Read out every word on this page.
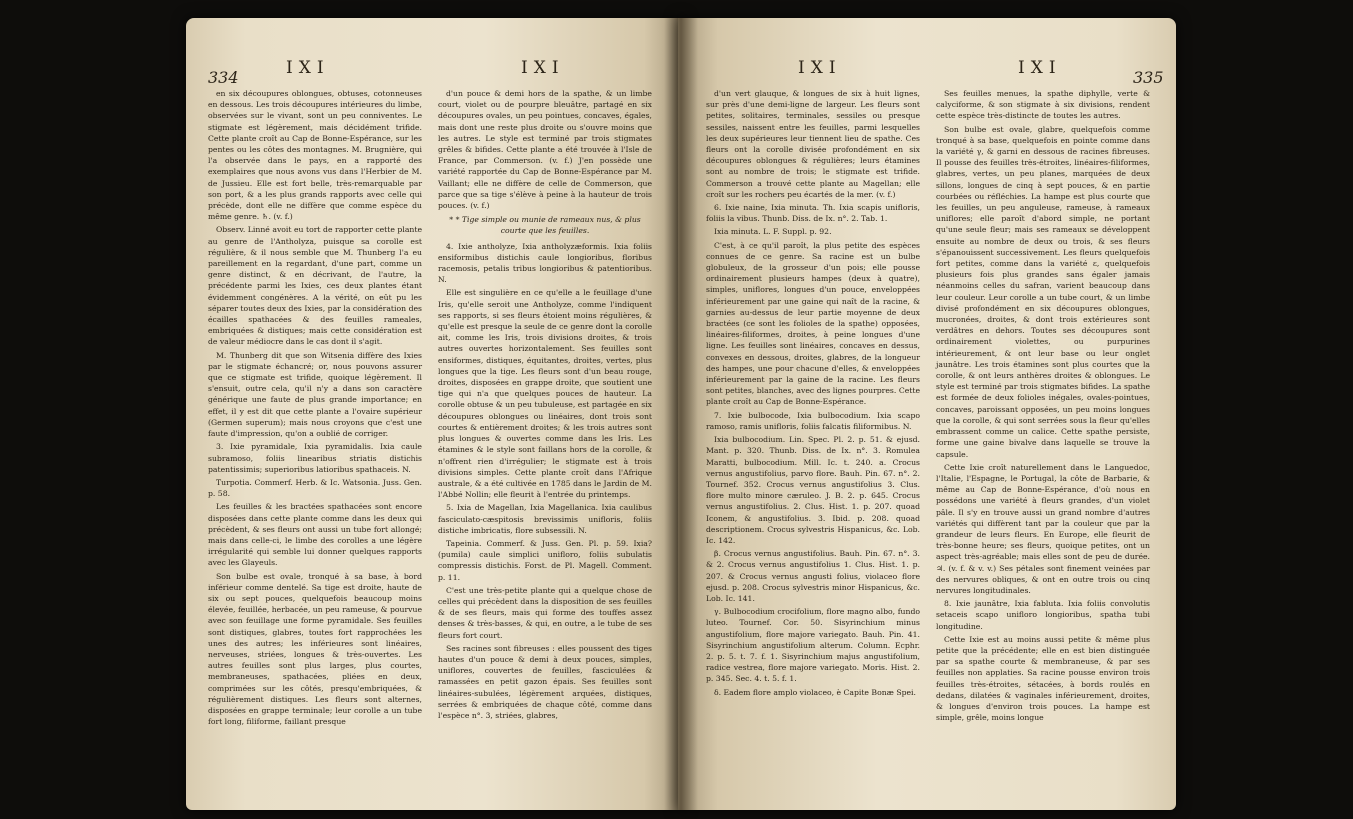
334	IXI	IXI

en six découpures oblongues, obtuses, cotonneuses en dessous. Les trois découpures intérieures du limbe, observées sur le vivant, sont un peu conniventes. Le stigmate est légèrement, mais décidément trifide. Cette plante croît au Cap de Bonne-Espérance, sur les pentes ou les côtes des montagnes. M. Brugnière, qui l'a observée dans le pays, en a rapporté des exemplaires que nous avons vus dans l'Herbier de M. de Jussieu. Elle est fort belle, très-remarquable par son port, & a les plus grands rapports avec celle qui précède, dont elle ne diffère que comme espèce du même genre. ♄. (v. f.)

Observ. Linné avoit eu tort de rapporter cette plante au genre de l'Antholyza, puisque sa corolle est régulière, & il nous semble que M. Thunberg l'a eu pareillement en la regardant, d'une part, comme un genre distinct, & en décrivant, de l'autre, la précédente parmi les Ixies, ces deux plantes étant évidemment congénères. A la vérité, on eût pu les séparer toutes deux des Ixies, par la considération des écailles spathacées & des feuilles rameales, embriquées & distiques; mais cette considération est de valeur médiocre dans le cas dont il s'agit.

M. Thunberg dit que son Witsenia diffère des Ixies par le stigmate échancré; or, nous pouvons assurer que ce stigmate est trifide, quoique légèrement. Il s'ensuit, outre cela, qu'il n'y a dans son caractère générique une faute de plus grande importance; en effet, il y est dit que cette plante a l'ovaire supérieur (Germen superum); mais nous croyons que c'est une faute d'impression, qu'on a oublié de corriger.

3. Ixie pyramidale, Ixia pyramidalis. Ixia caule subramoso, foliis linearibus striatis distichis patentissimis; superioribus latioribus spathaceis. N.

Turpotia. Commerf. Herb. & Ic. Watsonia. Juss. Gen. p. 58.

Les feuilles & les bractées spathacées sont encore disposées dans cette plante comme dans les deux qui précèdent, & ses fleurs ont aussi un tube fort allongé; mais dans celle-ci, le limbe des corolles a une légère irrégularité qui semble lui donner quelques rapports avec les Glayeuls.

Son bulbe est ovale, tronqué à sa base, à bord inférieur comme dentelé. Sa tige est droite, haute de six ou sept pouces, quelquefois beaucoup moins élevée, feuillée, herbacée, un peu rameuse, & pourvue avec son feuillage une forme pyramidale. Ses feuilles sont distiques, glabres, toutes fort rapprochées les unes des autres; les inférieures sont linéaires, nerveuses, striées, longues & très-ouvertes. Les autres feuilles sont plus larges, plus courtes, membraneuses, spathacées, pliées en deux, comprimées sur les côtés, presqu'embriquées, & régulièrement distiques. Les fleurs sont alternes, disposées en grappe terminale; leur corolle a un tube fort long, filiforme, faillant presque

d'un pouce & demi hors de la spathe, & un limbe court, violet ou de pourpre bleuâtre, partagé en six découpures ovales, un peu pointues, concaves, égales, mais dont une reste plus droite ou s'ouvre moins que les autres. Le style est terminé par trois stigmates grêles & bifides. Cette plante a été trouvée à l'Isle de France, par Commerson. (v. f.) J'en possède une variété rapportée du Cap de Bonne-Espérance par M. Vaillant; elle ne diffère de celle de Commerson, que parce que sa tige s'élève à peine à la hauteur de trois pouces. (v. f.)

* * Tige simple ou munie de rameaux nus, & plus courte que les feuilles.

4. Ixie antholyze, Ixia antholyzæformis. Ixia foliis ensiformibus distichis caule longioribus, floribus racemosis, petalis tribus longioribus & patentioribus. N.

Elle est singulière en ce qu'elle a le feuillage d'une Iris, qu'elle seroit une Antholyze, comme l'indiquent ses rapports, si ses fleurs étoient moins régulières, & qu'elle est presque la seule de ce genre dont la corolle ait, comme les Iris, trois divisions droites, & trois autres ouvertes horizontalement. Ses feuilles sont ensiformes, distiques, équitantes, droites, vertes, plus longues que la tige. Les fleurs sont d'un beau rouge, droites, disposées en grappe droite, que soutient une tige qui n'a que quelques pouces de hauteur. La corolle obtuse & un peu tubuleuse, est partagée en six découpures oblongues ou linéaires, dont trois sont courtes & entièrement droites; & les trois autres sont plus longues & ouvertes comme dans les Iris. Les étamines & le style sont faillans hors de la corolle, & n'offrent rien d'irrégulier; le stigmate est à trois divisions simples. Cette plante croît dans l'Afrique australe, & a été cultivée en 1785 dans le Jardin de M. l'Abbé Nollin; elle fleurit à l'entrée du printemps.

5. Ixia de Magellan, Ixia Magellanica. Ixia caulibus fasciculato-cæspitosis brevissimis unifloris, foliis distiche imbricatis, flore subsessili. N.

Tapeinia. Commerf. & Juss. Gen. Pl. p. 59. Ixia? (pumila) caule simplici unifloro, foliis subulatis compressis distichis. Forst. de Pl. Magell. Comment. p. 11.

C'est une très-petite plante qui a quelque chose de celles qui précèdent dans la disposition de ses feuilles & de ses fleurs, mais qui forme des touffes assez denses & très-basses, & qui, en outre, a le tube de ses fleurs fort court.

Ses racines sont fibreuses : elles poussent des tiges hautes d'un pouce & demi à deux pouces, simples, uniflores, couvertes de feuilles, fasciculées & ramassées en petit gazon épais. Ses feuilles sont linéaires-subulées, légèrement arquées, distiques, serrées & embriquées de chaque côté, comme dans l'espèce n°. 3, striées, glabres,

IXI	IXI	335

d'un vert glauque, & longues de six à huit lignes, sur près d'une demi-ligne de largeur. Les fleurs sont petites, solitaires, terminales, sessiles ou presque sessiles, naissent entre les feuilles, parmi lesquelles les deux supérieures leur tiennent lieu de spathe. Ces fleurs ont la corolle divisée profondément en six découpures oblongues & régulières; leurs étamines sont au nombre de trois; le stigmate est trifide. Commerson a trouvé cette plante au Magellan; elle croît sur les rochers peu écartés de la mer. (v. f.)

6. Ixie naine, Ixia minuta. Th. Ixia scapis unifloris, foliis la vibus. Thunb. Diss. de Ix. n°. 2. Tab. 1.

Ixia minuta. L. F. Suppl. p. 92.

C'est, à ce qu'il paroît, la plus petite des espèces connues de ce genre. Sa racine est un bulbe globuleux, de la grosseur d'un pois; elle pousse ordinairement plusieurs hampes (deux à quatre), simples, uniflores, longues d'un pouce, enveloppées inférieurement par une gaine qui naît de la racine, & garnies au-dessus de leur partie moyenne de deux bractées (ce sont les folioles de la spathe) opposées, linéaires-filiformes, droites, à peine longues d'une ligne. Les feuilles sont linéaires, concaves en dessus, convexes en dessous, droites, glabres, de la longueur des hampes, une pour chacune d'elles, & enveloppées inférieurement par la gaine de la racine. Les fleurs sont petites, blanches, avec des lignes pourpres. Cette plante croît au Cap de Bonne-Espérance.

7. Ixie bulbocode, Ixia bulbocodium. Ixia scapo ramoso, ramis unifloris, foliis falcatis filiformibus. N.

Ixia bulbocodium. Lin. Spec. Pl. 2. p. 51. & ejusd. Mant. p. 320. Thunb. Diss. de Ix. n°. 3. Romulea Maratti, bulbocodium. Mill. Ic. t. 240. a. Crocus vernus angustifolius, parvo flore. Bauh. Pin. 67. n°. 2. Tournef. 352. Crocus vernus angustifolius 3. Clus. flore multo minore cæruleo. J. B. 2. p. 645. Crocus vernus angustifolius. 2. Clus. Hist. 1. p. 207. quoad Iconem, & angustifolius. 3. Ibid. p. 208. quoad descriptionem. Crocus sylvestris Hispanicus, &c. Lob. Ic. 142.

β. Crocus vernus angustifolius. Bauh. Pin. 67. n°. 3. & 2. Crocus vernus angustifolius 1. Clus. Hist. 1. p. 207. & Crocus vernus angusti folius, violaceo flore ejusd. p. 208. Crocus sylvestris minor Hispanicus, &c. Lob. Ic. 141.

γ. Bulbocodium crocifolium, flore magno albo, fundo luteo. Tournef. Cor. 50. Sisyrinchium minus angustifolium, flore majore variegato. Bauh. Pin. 41. Sisyrinchium angustifolium alterum. Column. Ecphr. 2. p. 5. t. 7. f. 1. Sisyrinchium majus angustifolium, radice vestrea, flore majore variegato. Moris. Hist. 2. p. 345. Sec. 4. t. 5. f. 1.

δ. Eadem flore amplo violaceo, è Capite Bonæ Spei.

Ses feuilles menues, la spathe diphylle, verte & calyciforme, & son stigmate à six divisions, rendent cette espèce très-distincte de toutes les autres.

Son bulbe est ovale, glabre, quelquefois comme tronqué à sa base, quelquefois en pointe comme dans la variété γ, & garni en dessous de racines fibreuses. Il pousse des feuilles très-étroites, linéaires-filiformes, glabres, vertes, un peu planes, marquées de deux sillons, longues de cinq à sept pouces, & en partie courbées ou réfléchies. La hampe est plus courte que les feuilles, un peu anguleuse, rameuse, à rameaux uniflores; elle paroît d'abord simple, ne portant qu'une seule fleur; mais ses rameaux se développent ensuite au nombre de deux ou trois, & ses fleurs s'épanouissent successivement. Les fleurs quelquefois fort petites, comme dans la variété ε, quelquefois plusieurs fois plus grandes sans égaler jamais néanmoins celles du safran, varient beaucoup dans leur couleur. Leur corolle a un tube court, & un limbe divisé profondément en six découpures oblongues, mucronées, droites, & dont trois extérieures sont verdâtres en dehors. Toutes ses découpures sont ordinairement violettes, ou purpurines intérieurement, & ont leur base ou leur onglet jaunâtre. Les trois étamines sont plus courtes que la corolle, & ont leurs anthères droites & oblongues. Le style est terminé par trois stigmates bifides. La spathe est formée de deux folioles inégales, ovales-pointues, concaves, paroissant opposées, un peu moins longues que la corolle, & qui sont serrées sous la fleur qu'elles embrassent comme un calice. Cette spathe persiste, forme une gaine bivalve dans laquelle se trouve la capsule.

Cette Ixie croît naturellement dans le Languedoc, l'Italie, l'Espagne, le Portugal, la côte de Barbarie, & même au Cap de Bonne-Espérance, d'où nous en possédons une variété à fleurs grandes, d'un violet pâle. Il s'y en trouve aussi un grand nombre d'autres variétés qui diffèrent tant par la couleur que par la grandeur de leurs fleurs. En Europe, elle fleurit de très-bonne heure; ses fleurs, quoique petites, ont un aspect très-agréable; mais elles sont de peu de durée. ♃. (v. f. & v. v.) Ses pétales sont finement veinées par des nervures obliques, & ont en outre trois ou cinq nervures longitudinales.

8. Ixie jaunâtre, Ixia fabluta. Ixia foliis convolutis setaceis scapo unifloro longioribus, spatha tubi longitudine.

Cette Ixie est au moins aussi petite & même plus petite que la précédente; elle en est bien distinguée par sa spathe courte & membraneuse, & par ses feuilles non applaties. Sa racine pousse environ trois feuilles très-étroites, sétacées, à bords roulés en dedans, dilatées & vaginales inférieurement, droites, & longues d'environ trois pouces. La hampe est simple, grêle, moins longue
